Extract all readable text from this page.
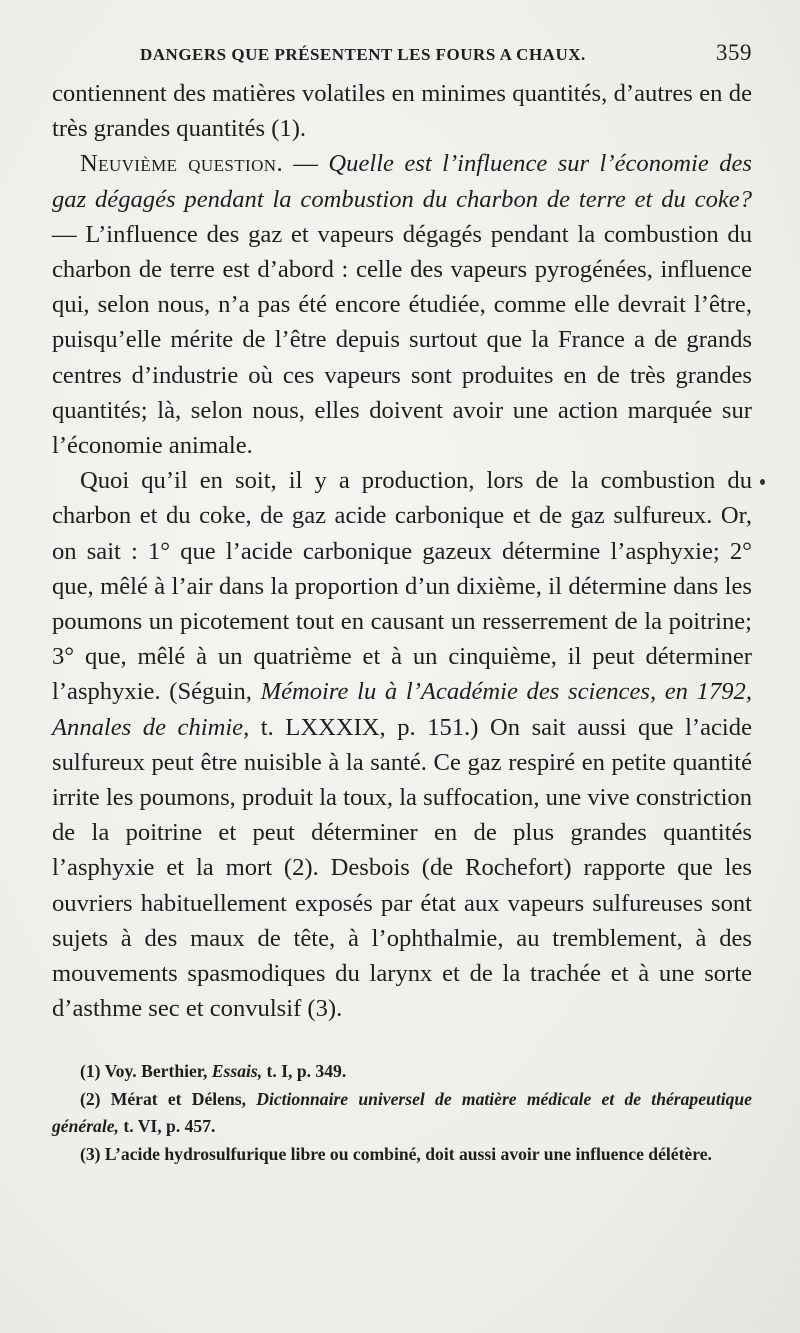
DANGERS QUE PRÉSENTENT LES FOURS A CHAUX.	359

contiennent des matières volatiles en minimes quantités, d’autres en de très grandes quantités (1).

Neuvième question. — Quelle est l’influence sur l’économie des gaz dégagés pendant la combustion du charbon de terre et du coke? — L’influence des gaz et vapeurs dégagés pendant la combustion du charbon de terre est d’abord : celle des vapeurs pyrogénées, influence qui, selon nous, n’a pas été encore étudiée, comme elle devrait l’être, puisqu’elle mérite de l’être depuis surtout que la France a de grands centres d’industrie où ces vapeurs sont produites en de très grandes quantités; là, selon nous, elles doivent avoir une action marquée sur l’économie animale.

Quoi qu’il en soit, il y a production, lors de la combustion du charbon et du coke, de gaz acide carbonique et de gaz sulfureux. Or, on sait : 1° que l’acide carbonique gazeux détermine l’asphyxie; 2° que, mêlé à l’air dans la proportion d’un dixième, il détermine dans les poumons un picotement tout en causant un resserrement de la poitrine; 3° que, mêlé à un quatrième et à un cinquième, il peut déterminer l’asphyxie. (Séguin, Mémoire lu à l’Académie des sciences, en 1792, Annales de chimie, t. LXXXIX, p. 151.) On sait aussi que l’acide sulfureux peut être nuisible à la santé. Ce gaz respiré en petite quantité irrite les poumons, produit la toux, la suffocation, une vive constriction de la poitrine et peut déterminer en de plus grandes quantités l’asphyxie et la mort (2). Desbois (de Rochefort) rapporte que les ouvriers habituellement exposés par état aux vapeurs sulfureuses sont sujets à des maux de tête, à l’ophthalmie, au tremblement, à des mouvements spasmodiques du larynx et de la trachée et à une sorte d’asthme sec et convulsif (3).

(1) Voy. Berthier, Essais, t. I, p. 349.

(2) Mérat et Délens, Dictionnaire universel de matière médicale et de thérapeutique générale, t. VI, p. 457.

(3) L’acide hydrosulfurique libre ou combiné, doit aussi avoir une influence délétère.
